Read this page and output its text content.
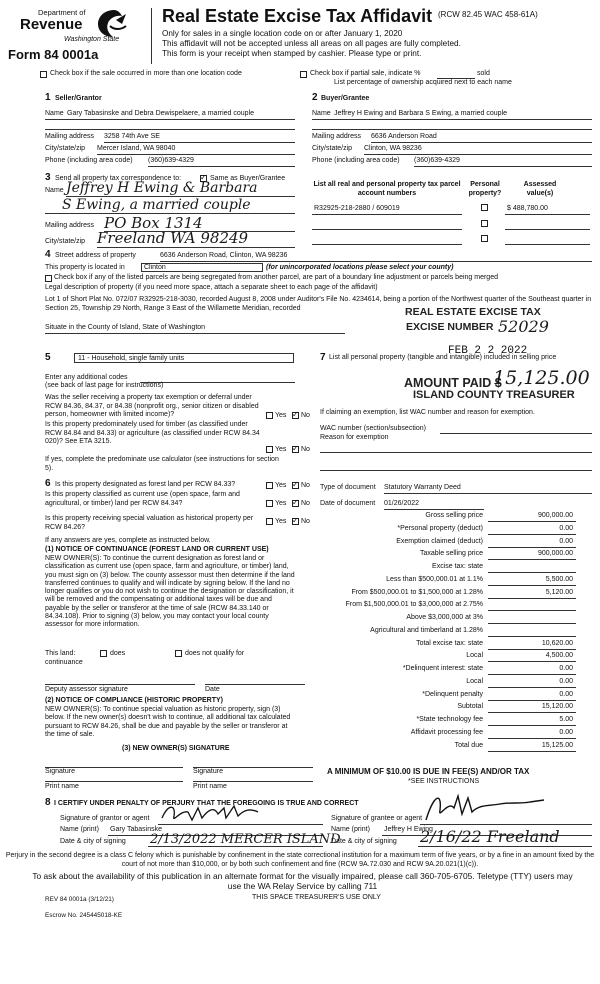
Department of
Revenue
Washington State
Form 84 0001a
Real Estate Excise Tax Affidavit (RCW 82.45 WAC 458-61A)
Only for sales in a single location code on or after January 1, 2020
This affidavit will not be accepted unless all areas on all pages are fully completed.
This form is your receipt when stamped by cashier. Please type or print.
Check box if the sale occurred in more than one location code	Check box if partial sale, indicate %	sold
List percentage of ownership acquired next to each name
1 Seller/Grantor
Name Gary Tabasinske and Debra Dewispelaere, a married couple
Mailing address 3258 74th Ave SE
City/state/zip Mercer Island, WA 98040
Phone (including area code) (360)639-4329
2 Buyer/Grantee
Name Jeffrey H Ewing and Barbara S Ewing, a married couple
Mailing address 6636 Anderson Road
City/state/zip Clinton, WA 98236
Phone (including area code) (360)639-4329
3 Send all property tax correspondence to: ✓	Same as Buyer/Grantee
Name Jeffrey H Ewing & Barbara
S Ewing, a married couple
Mailing address PO Box 1314
City/state/zip Freeland WA 98249
List all real and personal property tax parcel account numbers
Personal property?
Assessed value(s)
R32925-218-2880 / 609019	$ 488,780.00
4 Street address of property	6636 Anderson Road, Clinton, WA 98236
This property is located in	Clinton	(for unincorporated locations please select your county)
Check box if any of the listed parcels are being segregated from another parcel, are part of a boundary line adjustment or parcels being merged
Legal description of property (if you need more space, attach a separate sheet to each page of the affidavit)
Lot 1 of Short Plat No. 072/07 R32925-218-3030, recorded August 8, 2008 under Auditor's File No. 4234614, being a portion of the Northwest quarter of the Southeast quarter in Section 25, Township 29 North, Range 3 East of the Willamette Meridian, recorded
Situate in the County of Island, State of Washington
REAL ESTATE EXCISE TAX
EXCISE NUMBER 52029
FEB 2 2 2022
AMOUNT PAID $
15,125.00
ISLAND COUNTY TREASURER
5	11 - Household, single family units
Enter any additional codes
(see back of last page for instructions)
Was the seller receiving a property tax exemption or deferral under RCW 84.36, 84.37, or 84.38 (nonprofit org., senior citizen or disabled person, homeowner with limited income)?	Yes ✓ No
Is this property predominately used for timber (as classified under RCW 84.84 and 84.33) or agriculture (as classified under RCW 84.34 020)? See ETA 3215.
Yes ✓ No
If yes, complete the predominate use calculator (see instructions for section 5).
7 List all personal property (tangible and intangible) included in selling price
If claiming an exemption, list WAC number and reason for exemption.
WAC number (section/subsection)
Reason for exemption
Type of document Statutory Warranty Deed
Date of document 01/26/2022
Gross selling price	900,000.00
*Personal property (deduct)	0.00
Exemption claimed (deduct)	0.00
Taxable selling price	900,000.00
Excise tax: state
Less than $500,000.01 at 1.1%	5,500.00
From $500,000.01 to $1,500,000 at 1.28%	5,120.00
From $1,500,000.01 to $3,000,000 at 2.75%
Above $3,000,000 at 3%
Agricultural and timberland at 1.28%
Total excise tax: state	10,620.00
Local	4,500.00
*Delinquent interest: state	0.00
Local	0.00
*Delinquent penalty	0.00
Subtotal	15,120.00
*State technology fee	5.00
Affidavit processing fee	0.00
Total due	15,125.00
6 Is this property designated as forest land per RCW 84.33?	Yes ✓ No
Is this property classified as current use (open space, farm and agricultural, or timber) land per RCW 84.34?	Yes ✓ No
Is this property receiving special valuation as historical property per RCW 84.26?
Yes ✓ No
If any answers are yes, complete as instructed below.
(1) NOTICE OF CONTINUANCE (FOREST LAND OR CURRENT USE)
NEW OWNER(S): To continue the current designation as forest land or classification as current use (open space, farm and agriculture, or timber) land, you must sign on (3) below. The county assessor must then determine if the land transferred continues to qualify and will indicate by signing below. If the land no longer qualifies or you do not wish to continue the designation or classification, it will be removed and the compensating or additional taxes will be due and payable by the seller or transferor at the time of sale (RCW 84.33.140 or 84.34.108). Prior to signing (3) below, you may contact your local county assessor for more information.
This land:	does	does not qualify for
continuance
Deputy assessor signature	Date
(2) NOTICE OF COMPLIANCE (HISTORIC PROPERTY)
NEW OWNER(S): To continue special valuation as historic property, sign (3) below. If the new owner(s) doesn't wish to continue, all additional tax calculated pursuant to RCW 84.26, shall be due and payable by the seller or transferor at the time of sale.
(3) NEW OWNER(S) SIGNATURE
Signature	Signature
Print name	Print name
A MINIMUM OF $10.00 IS DUE IN FEE(S) AND/OR TAX
*SEE INSTRUCTIONS
8 I CERTIFY UNDER PENALTY OF PERJURY THAT THE FOREGOING IS TRUE AND CORRECT
Signature of grantor or agent
Name (print) Gary Tabasinske
Date & city of signing 2/13/2022 MERCER ISLAND
Signature of grantee or agent
Name (print) Jeffrey H Ewing
Date & city of signing 2/16/22 Freeland
Perjury in the second degree is a class C felony which is punishable by confinement in the state correctional institution for a maximum term of five years, or by a fine in an amount fixed by the court of not more than $10,000, or by both such confinement and fine (RCW 9A.72.030 and RCW 9A.20.021(1)(c)).
To ask about the availability of this publication in an alternate format for the visually impaired, please call 360-705-6705. Teletype (TTY) users may use the WA Relay Service by calling 711
REV 84 0001a (3/12/21)	THIS SPACE TREASURER'S USE ONLY
Escrow No. 245445018-KE
